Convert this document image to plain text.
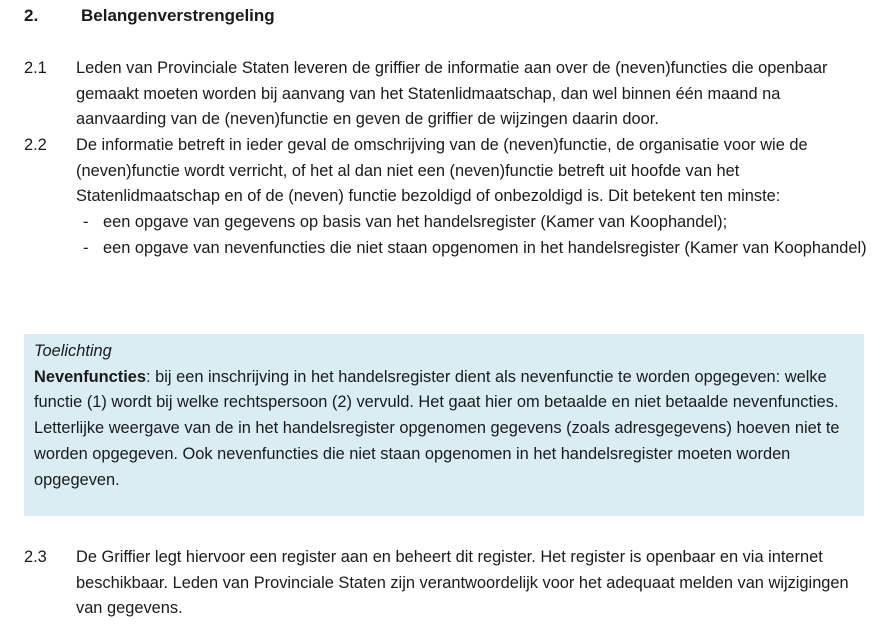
2.	Belangenverstrengeling
2.1 Leden van Provinciale Staten leveren de griffier de informatie aan over de (neven)functies die openbaar gemaakt moeten worden bij aanvang van het Statenlidmaatschap, dan wel binnen één maand na aanvaarding van de (neven)functie en geven de griffier de wijzingen daarin door.

2.2 De informatie betreft in ieder geval de omschrijving van de (neven)functie, de organisatie voor wie de (neven)functie wordt verricht, of het al dan niet een (neven)functie betreft uit hoofde van het Statenlidmaatschap en of de (neven) functie bezoldigd of onbezoldigd is. Dit betekent ten minste:

- een opgave van gegevens op basis van het handelsregister (Kamer van Koophandel);
- een opgave van nevenfuncties die niet staan opgenomen in het handelsregister (Kamer van Koophandel)
Toelichting
Nevenfuncties: bij een inschrijving in het handelsregister dient als nevenfunctie te worden opgegeven: welke functie (1) wordt bij welke rechtspersoon (2) vervuld. Het gaat hier om betaalde en niet betaalde nevenfuncties. Letterlijke weergave van de in het handelsregister opgenomen gegevens (zoals adresgegevens) hoeven niet te worden opgegeven. Ook nevenfuncties die niet staan opgenomen in het handelsregister moeten worden opgegeven.
2.3 De Griffier legt hiervoor een register aan en beheert dit register. Het register is openbaar en via internet beschikbaar. Leden van Provinciale Staten zijn verantwoordelijk voor het adequaat melden van wijzigingen van gegevens.
